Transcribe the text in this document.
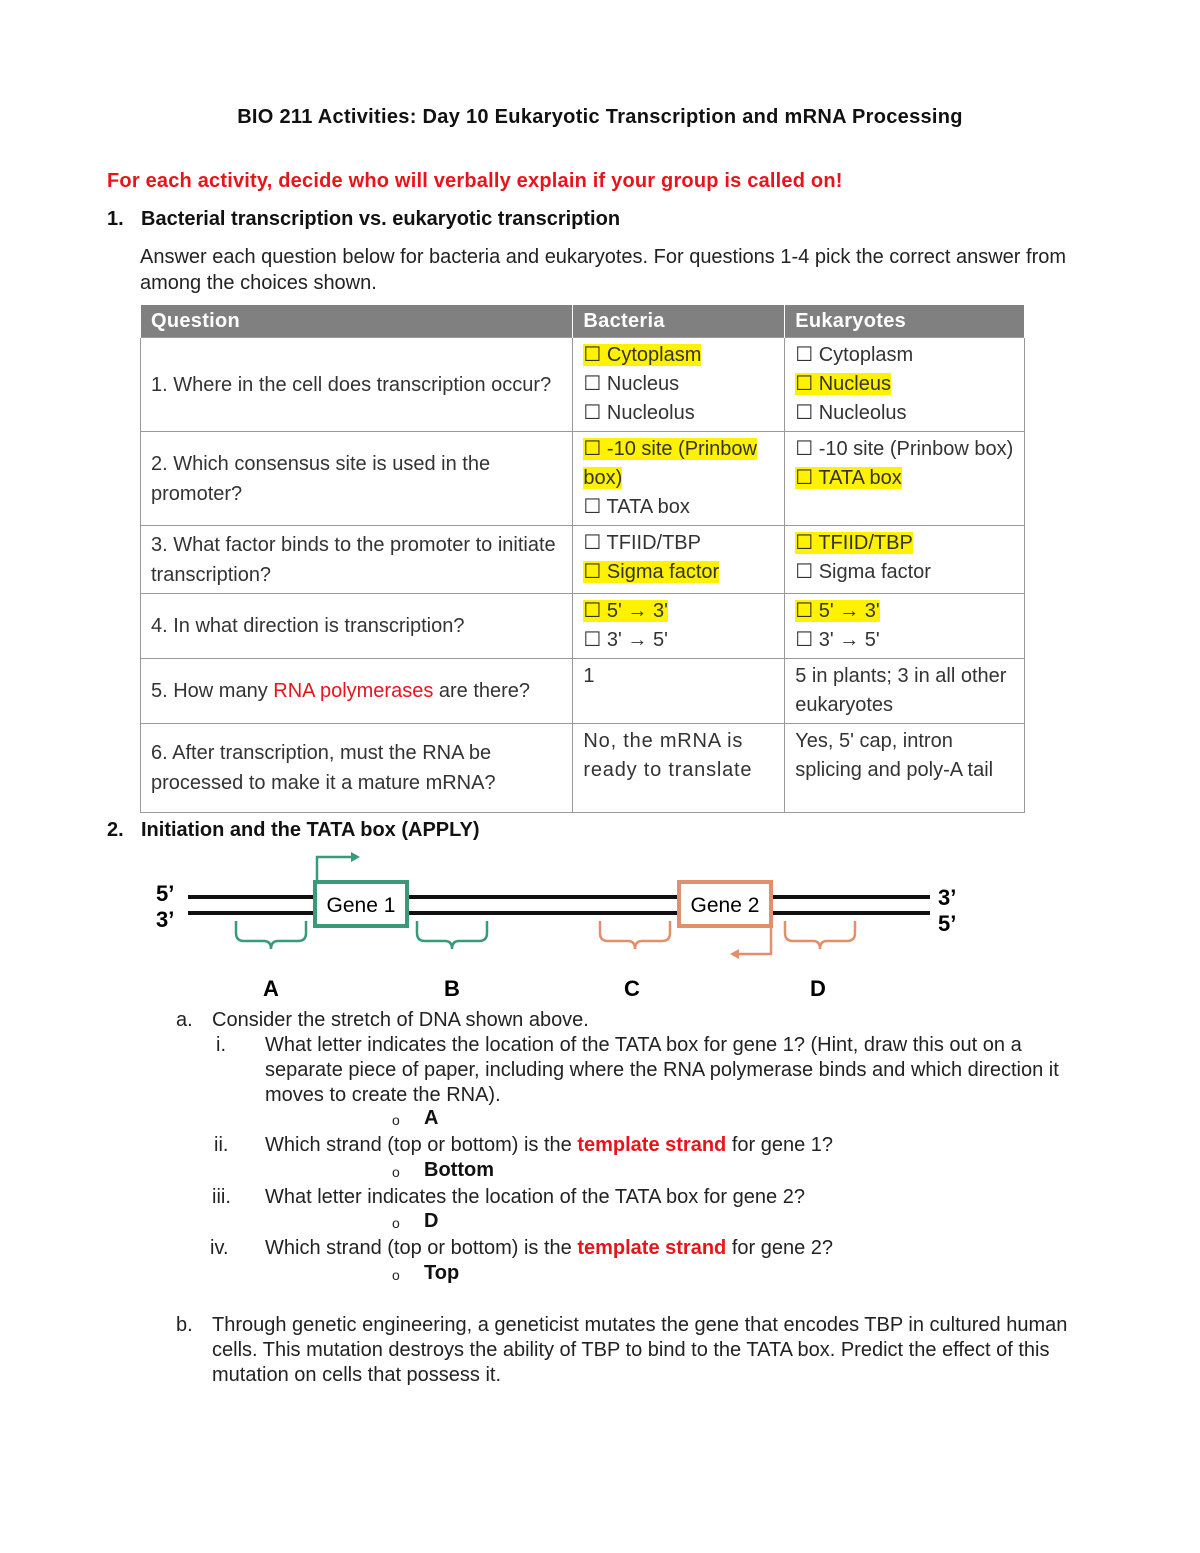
BIO 211 Activities: Day 10 Eukaryotic Transcription and mRNA Processing
For each activity, decide who will verbally explain if your group is called on!
1. Bacterial transcription vs. eukaryotic transcription
Answer each question below for bacteria and eukaryotes. For questions 1-4 pick the correct answer from among the choices shown.
Question	Bacteria	Eukaryotes
1. Where in the cell does transcription occur?	☐ Cytoplasm
☐ Nucleus
☐ Nucleolus	☐ Cytoplasm
☐ Nucleus
☐ Nucleolus

2. Which consensus site is used in the promoter?	☐ -10 site (Prinbow box)
☐ TATA box	☐ -10 site (Prinbow box)
☐ TATA box

3. What factor binds to the promoter to initiate transcription?	☐ TFIID/TBP
☐ Sigma factor	☐ TFIID/TBP
☐ Sigma factor

4. In what direction is transcription?	☐ 5' → 3'
☐ 3' → 5'	☐ 5' → 3'
☐ 3' → 5'

5. How many RNA polymerases are there?	1	5 in plants; 3 in all other eukaryotes
6. After transcription, must the RNA be processed to make it a mature mRNA?	No, the mRNA is ready to translate	Yes, 5' cap, intron splicing and poly-A tail
2. Initiation and the TATA box (APPLY)
5’
3’
3’
5’
Gene 1	Gene 2
A	B	C	D
a. Consider the stretch of DNA shown above.
i. What letter indicates the location of the TATA box for gene 1? (Hint, draw this out on a separate piece of paper, including where the RNA polymerase binds and which direction it moves to create the RNA).
o A
ii. Which strand (top or bottom) is the template strand for gene 1?
o Bottom
iii. What letter indicates the location of the TATA box for gene 2?
o D
iv. Which strand (top or bottom) is the template strand for gene 2?
o Top
b. Through genetic engineering, a geneticist mutates the gene that encodes TBP in cultured human cells. This mutation destroys the ability of TBP to bind to the TATA box. Predict the effect of this mutation on cells that possess it.
